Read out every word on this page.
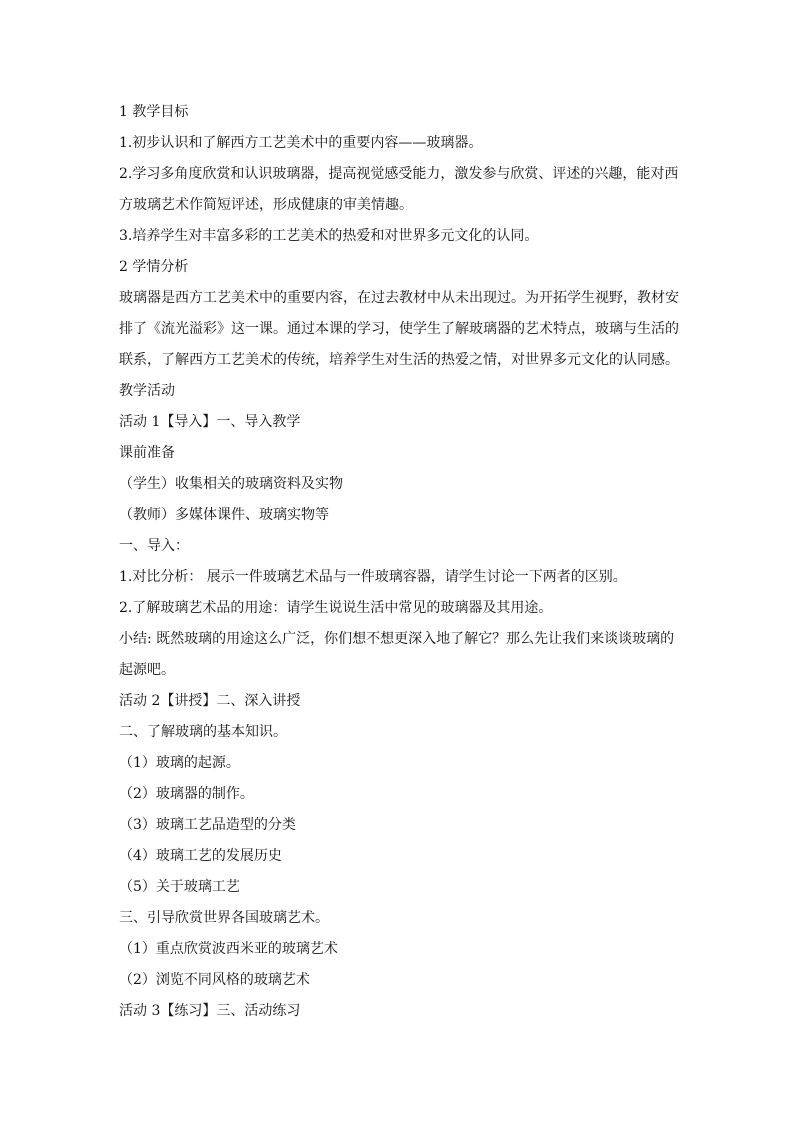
1 教学目标
1.初步认识和了解西方工艺美术中的重要内容——玻璃器。
2.学习多角度欣赏和认识玻璃器，提高视觉感受能力，激发参与欣赏、评述的兴趣，能对西方玻璃艺术作简短评述，形成健康的审美情趣。
3.培养学生对丰富多彩的工艺美术的热爱和对世界多元文化的认同。
2 学情分析
玻璃器是西方工艺美术中的重要内容，在过去教材中从未出现过。为开拓学生视野，教材安排了《流光溢彩》这一课。通过本课的学习，使学生了解玻璃器的艺术特点，玻璃与生活的联系，了解西方工艺美术的传统，培养学生对生活的热爱之情，对世界多元文化的认同感。
教学活动
活动 1【导入】一、导入教学
课前准备
（学生）收集相关的玻璃资料及实物
（教师）多媒体课件、玻璃实物等
一、导入：
1.对比分析： 展示一件玻璃艺术品与一件玻璃容器，请学生讨论一下两者的区别。
2.了解玻璃艺术品的用途：请学生说说生活中常见的玻璃器及其用途。
小结: 既然玻璃的用途这么广泛，你们想不想更深入地了解它？那么先让我们来谈谈玻璃的起源吧。
活动 2【讲授】二、深入讲授
二、了解玻璃的基本知识。
（1）玻璃的起源。
（2）玻璃器的制作。
（3）玻璃工艺品造型的分类
（4）玻璃工艺的发展历史
（5）关于玻璃工艺
三、引导欣赏世界各国玻璃艺术。
（1）重点欣赏波西米亚的玻璃艺术
（2）浏览不同风格的玻璃艺术
活动 3【练习】三、活动练习
